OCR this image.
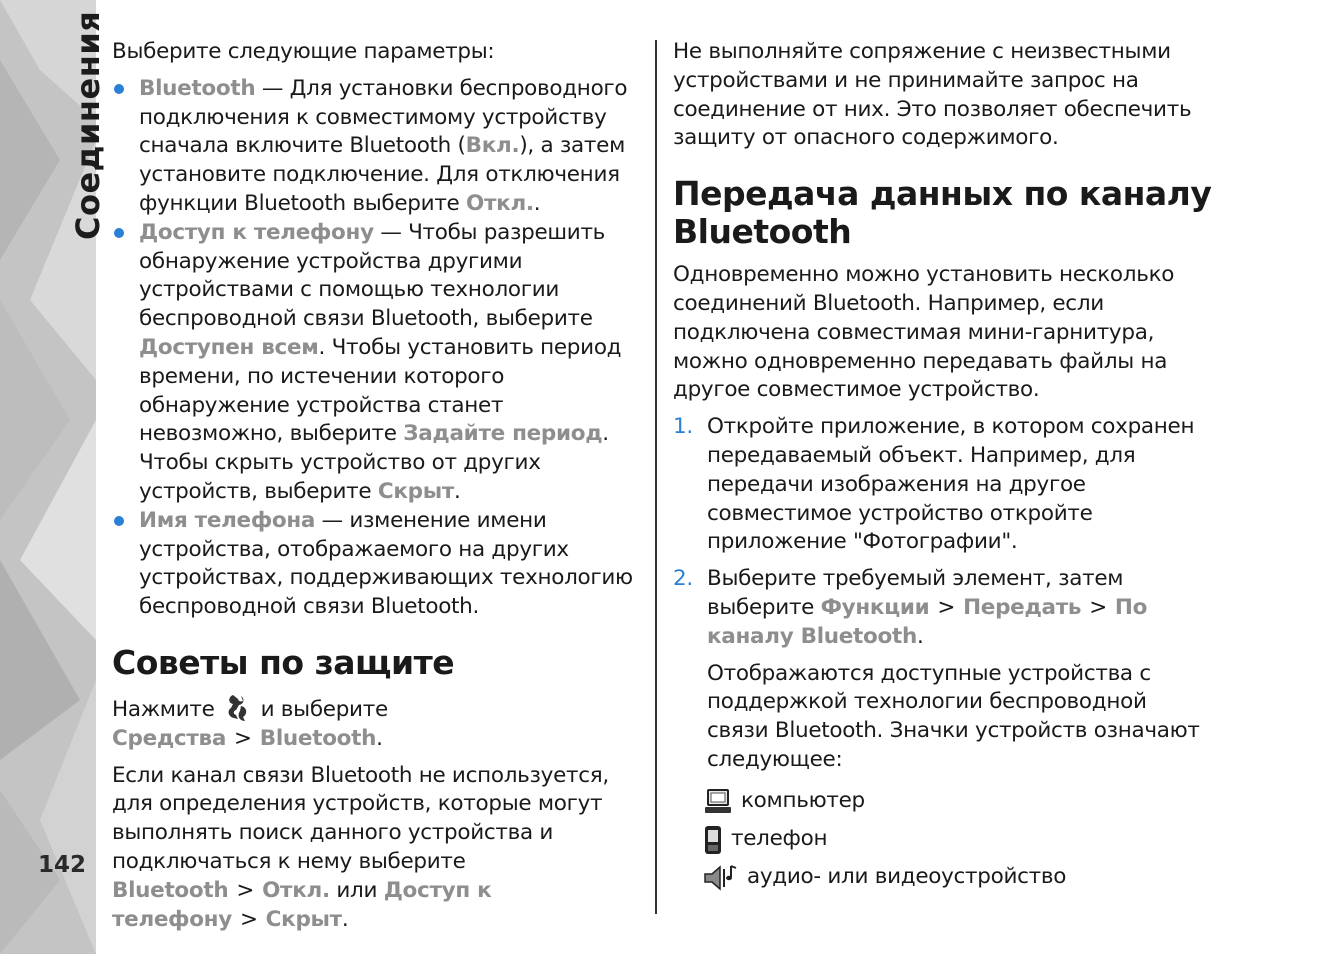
Соединения
142

Выберите следующие параметры:

Bluetooth — Для установки беспроводного подключения к совместимому устройству сначала включите Bluetooth (Вкл.), а затем установите подключение. Для отключения функции Bluetooth выберите Откл..
Доступ к телефону — Чтобы разрешить обнаружение устройства другими устройствами с помощью технологии беспроводной связи Bluetooth, выберите Доступен всем. Чтобы установить период времени, по истечении которого обнаружение устройства станет невозможно, выберите Задайте период. Чтобы скрыть устройство от других устройств, выберите Скрыт.
Имя телефона — изменение имени устройства, отображаемого на других устройствах, поддерживающих технологию беспроводной связи Bluetooth.
Советы по защите

Нажмите и выберите Средства > Bluetooth.

Если канал связи Bluetooth не используется, для определения устройств, которые могут выполнять поиск данного устройства и подключаться к нему выберите Bluetooth > Откл. или Доступ к телефону > Скрыт.

Не выполняйте сопряжение с неизвестными устройствами и не принимайте запрос на соединение от них. Это позволяет обеспечить защиту от опасного содержимого.

Передача данных по каналу Bluetooth

Одновременно можно установить несколько соединений Bluetooth. Например, если подключена совместимая мини-гарнитура, можно одновременно передавать файлы на другое совместимое устройство.

1. Откройте приложение, в котором сохранен передаваемый объект. Например, для передачи изображения на другое совместимое устройство откройте приложение "Фотографии".
2. Выберите требуемый элемент, затем выберите Функции > Передать > По каналу Bluetooth.

Отображаются доступные устройства с поддержкой технологии беспроводной связи Bluetooth. Значки устройств означают следующее:

компьютер
телефон
аудио- или видеоустройство
